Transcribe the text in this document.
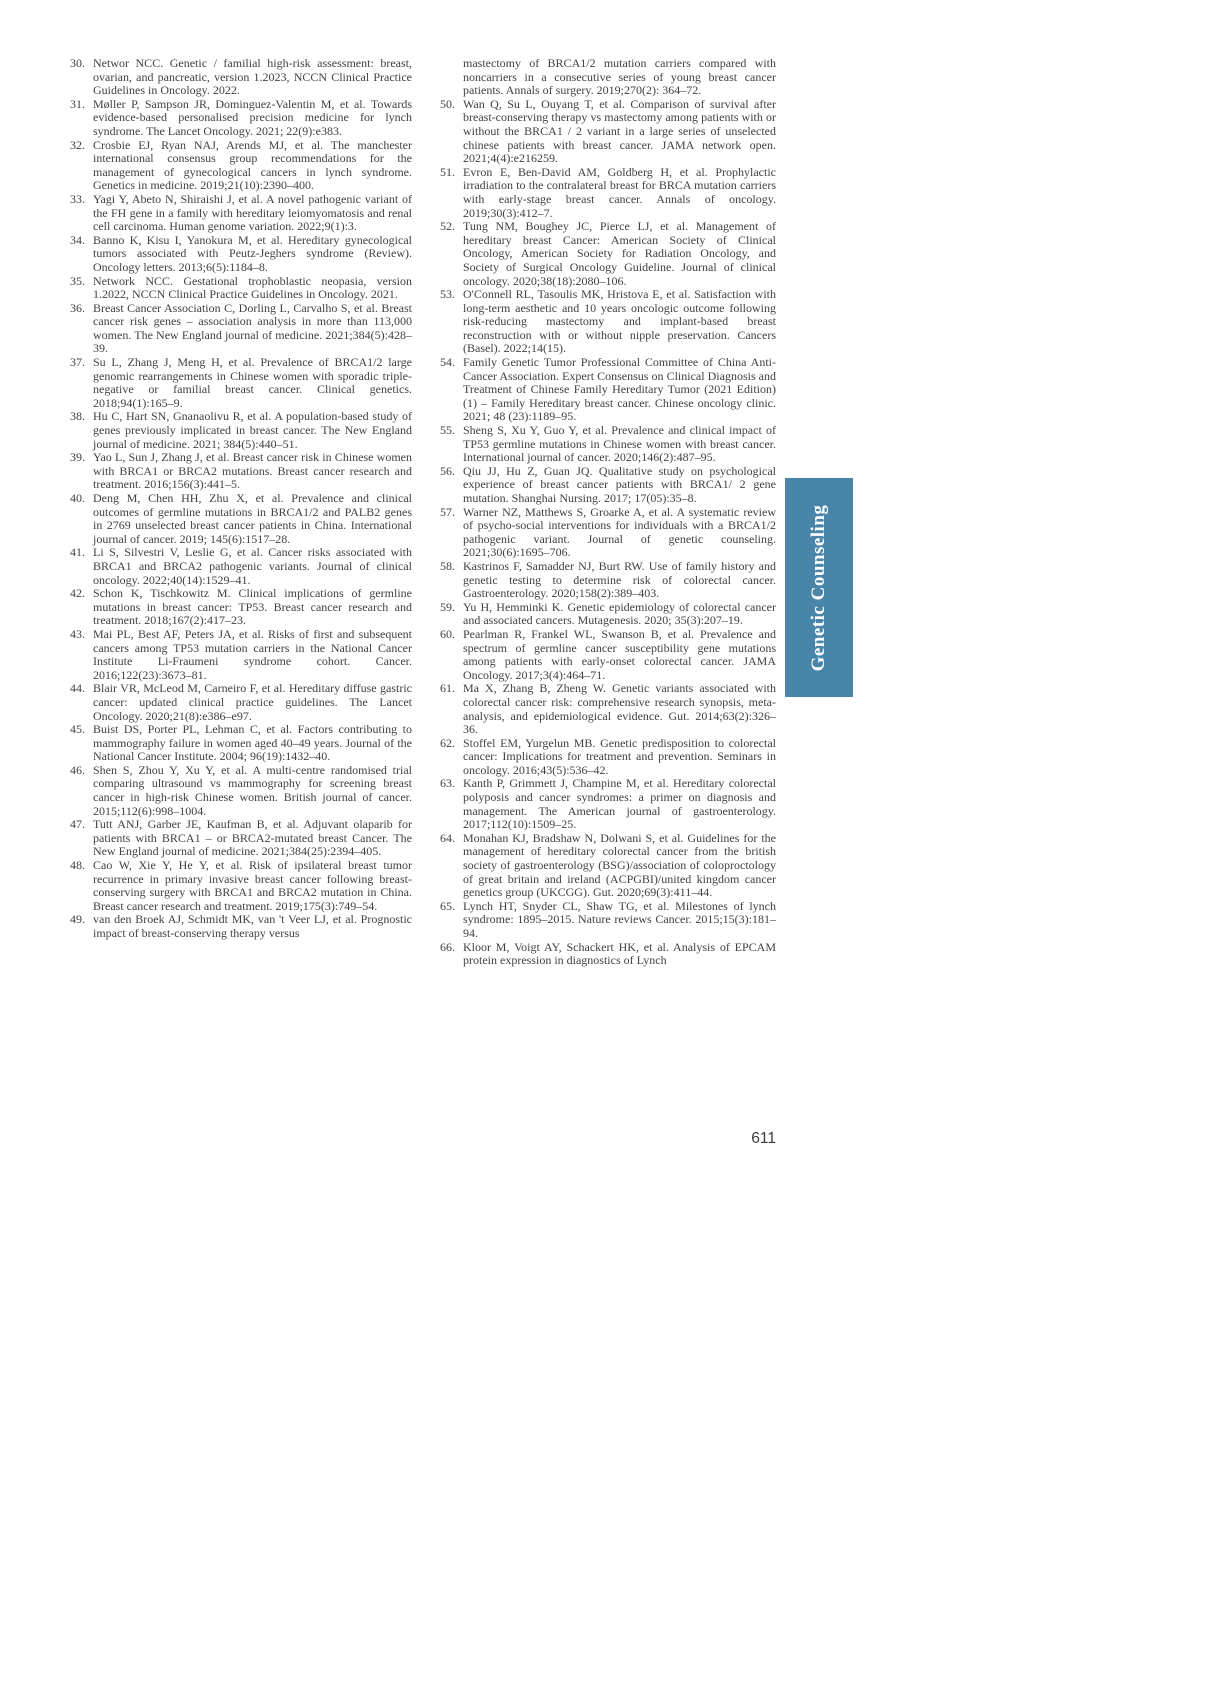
30. Networ NCC. Genetic / familial high-risk assessment: breast, ovarian, and pancreatic, version 1.2023, NCCN Clinical Practice Guidelines in Oncology. 2022.
31. Møller P, Sampson JR, Dominguez-Valentin M, et al. Towards evidence-based personalised precision medicine for lynch syndrome. The Lancet Oncology. 2021; 22(9):e383.
32. Crosbie EJ, Ryan NAJ, Arends MJ, et al. The manchester international consensus group recommendations for the management of gynecological cancers in lynch syndrome. Genetics in medicine. 2019;21(10):2390–400.
33. Yagi Y, Abeto N, Shiraishi J, et al. A novel pathogenic variant of the FH gene in a family with hereditary leiomyomatosis and renal cell carcinoma. Human genome variation. 2022;9(1):3.
34. Banno K, Kisu I, Yanokura M, et al. Hereditary gynecological tumors associated with Peutz-Jeghers syndrome (Review). Oncology letters. 2013;6(5):1184–8.
35. Network NCC. Gestational trophoblastic neopasia, version 1.2022, NCCN Clinical Practice Guidelines in Oncology. 2021.
36. Breast Cancer Association C, Dorling L, Carvalho S, et al. Breast cancer risk genes – association analysis in more than 113,000 women. The New England journal of medicine. 2021;384(5):428–39.
37. Su L, Zhang J, Meng H, et al. Prevalence of BRCA1/2 large genomic rearrangements in Chinese women with sporadic triple-negative or familial breast cancer. Clinical genetics. 2018;94(1):165–9.
38. Hu C, Hart SN, Gnanaolivu R, et al. A population-based study of genes previously implicated in breast cancer. The New England journal of medicine. 2021; 384(5):440–51.
39. Yao L, Sun J, Zhang J, et al. Breast cancer risk in Chinese women with BRCA1 or BRCA2 mutations. Breast cancer research and treatment. 2016;156(3):441–5.
40. Deng M, Chen HH, Zhu X, et al. Prevalence and clinical outcomes of germline mutations in BRCA1/2 and PALB2 genes in 2769 unselected breast cancer patients in China. International journal of cancer. 2019; 145(6):1517–28.
41. Li S, Silvestri V, Leslie G, et al. Cancer risks associated with BRCA1 and BRCA2 pathogenic variants. Journal of clinical oncology. 2022;40(14):1529–41.
42. Schon K, Tischkowitz M. Clinical implications of germline mutations in breast cancer: TP53. Breast cancer research and treatment. 2018;167(2):417–23.
43. Mai PL, Best AF, Peters JA, et al. Risks of first and subsequent cancers among TP53 mutation carriers in the National Cancer Institute Li-Fraumeni syndrome cohort. Cancer. 2016;122(23):3673–81.
44. Blair VR, McLeod M, Carneiro F, et al. Hereditary diffuse gastric cancer: updated clinical practice guidelines. The Lancet Oncology. 2020;21(8):e386–e97.
45. Buist DS, Porter PL, Lehman C, et al. Factors contributing to mammography failure in women aged 40–49 years. Journal of the National Cancer Institute. 2004; 96(19):1432–40.
46. Shen S, Zhou Y, Xu Y, et al. A multi-centre randomised trial comparing ultrasound vs mammography for screening breast cancer in high-risk Chinese women. British journal of cancer. 2015;112(6):998–1004.
47. Tutt ANJ, Garber JE, Kaufman B, et al. Adjuvant olaparib for patients with BRCA1 – or BRCA2-mutated breast Cancer. The New England journal of medicine. 2021;384(25):2394–405.
48. Cao W, Xie Y, He Y, et al. Risk of ipsilateral breast tumor recurrence in primary invasive breast cancer following breast-conserving surgery with BRCA1 and BRCA2 mutation in China. Breast cancer research and treatment. 2019;175(3):749–54.
49. van den Broek AJ, Schmidt MK, van 't Veer LJ, et al. Prognostic impact of breast-conserving therapy versus
mastectomy of BRCA1/2 mutation carriers compared with noncarriers in a consecutive series of young breast cancer patients. Annals of surgery. 2019;270(2): 364–72.
50. Wan Q, Su L, Ouyang T, et al. Comparison of survival after breast-conserving therapy vs mastectomy among patients with or without the BRCA1 / 2 variant in a large series of unselected chinese patients with breast cancer. JAMA network open. 2021;4(4):e216259.
51. Evron E, Ben-David AM, Goldberg H, et al. Prophylactic irradiation to the contralateral breast for BRCA mutation carriers with early-stage breast cancer. Annals of oncology. 2019;30(3):412–7.
52. Tung NM, Boughey JC, Pierce LJ, et al. Management of hereditary breast Cancer: American Society of Clinical Oncology, American Society for Radiation Oncology, and Society of Surgical Oncology Guideline. Journal of clinical oncology. 2020;38(18):2080–106.
53. O'Connell RL, Tasoulis MK, Hristova E, et al. Satisfaction with long-term aesthetic and 10 years oncologic outcome following risk-reducing mastectomy and implant-based breast reconstruction with or without nipple preservation. Cancers (Basel). 2022;14(15).
54. Family Genetic Tumor Professional Committee of China Anti-Cancer Association. Expert Consensus on Clinical Diagnosis and Treatment of Chinese Family Hereditary Tumor (2021 Edition) (1) – Family Hereditary breast cancer. Chinese oncology clinic. 2021; 48 (23):1189–95.
55. Sheng S, Xu Y, Guo Y, et al. Prevalence and clinical impact of TP53 germline mutations in Chinese women with breast cancer. International journal of cancer. 2020;146(2):487–95.
56. Qiu JJ, Hu Z, Guan JQ. Qualitative study on psychological experience of breast cancer patients with BRCA1/ 2 gene mutation. Shanghai Nursing. 2017; 17(05):35–8.
57. Warner NZ, Matthews S, Groarke A, et al. A systematic review of psycho-social interventions for individuals with a BRCA1/2 pathogenic variant. Journal of genetic counseling. 2021;30(6):1695–706.
58. Kastrinos F, Samadder NJ, Burt RW. Use of family history and genetic testing to determine risk of colorectal cancer. Gastroenterology. 2020;158(2):389–403.
59. Yu H, Hemminki K. Genetic epidemiology of colorectal cancer and associated cancers. Mutagenesis. 2020; 35(3):207–19.
60. Pearlman R, Frankel WL, Swanson B, et al. Prevalence and spectrum of germline cancer susceptibility gene mutations among patients with early-onset colorectal cancer. JAMA Oncology. 2017;3(4):464–71.
61. Ma X, Zhang B, Zheng W. Genetic variants associated with colorectal cancer risk: comprehensive research synopsis, meta-analysis, and epidemiological evidence. Gut. 2014;63(2):326–36.
62. Stoffel EM, Yurgelun MB. Genetic predisposition to colorectal cancer: Implications for treatment and prevention. Seminars in oncology. 2016;43(5):536–42.
63. Kanth P, Grimmett J, Champine M, et al. Hereditary colorectal polyposis and cancer syndromes: a primer on diagnosis and management. The American journal of gastroenterology. 2017;112(10):1509–25.
64. Monahan KJ, Bradshaw N, Dolwani S, et al. Guidelines for the management of hereditary colorectal cancer from the british society of gastroenterology (BSG)/association of coloproctology of great britain and ireland (ACPGBI)/united kingdom cancer genetics group (UKCGG). Gut. 2020;69(3):411–44.
65. Lynch HT, Snyder CL, Shaw TG, et al. Milestones of lynch syndrome: 1895–2015. Nature reviews Cancer. 2015;15(3):181–94.
66. Kloor M, Voigt AY, Schackert HK, et al. Analysis of EPCAM protein expression in diagnostics of Lynch
Genetic Counseling
611
